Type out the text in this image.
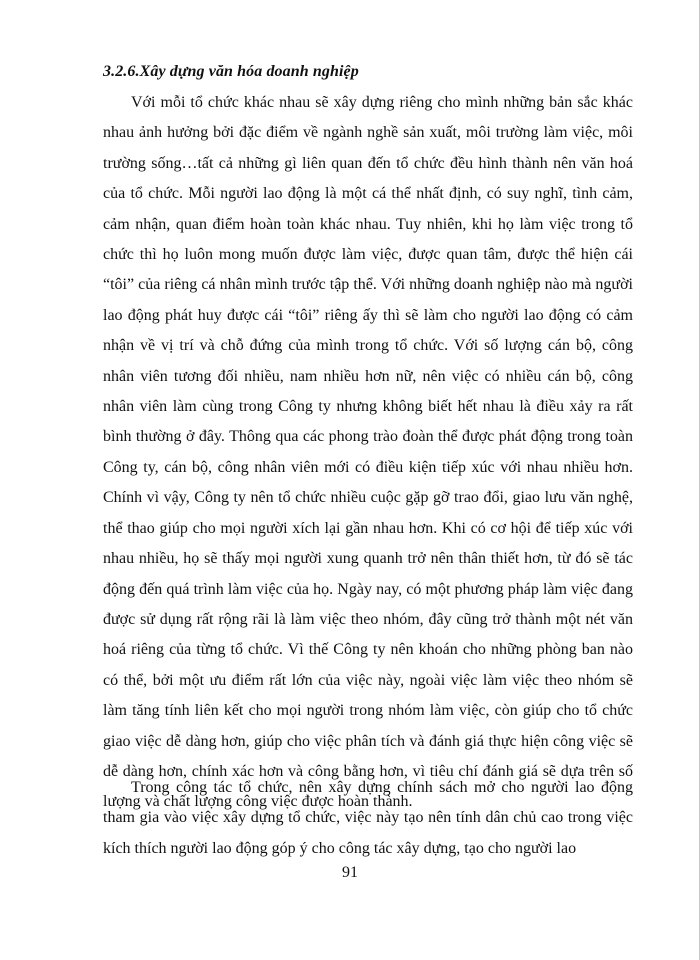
3.2.6.Xây dựng văn hóa doanh nghiệp

Với mỗi tổ chức khác nhau sẽ xây dựng riêng cho mình những bản sắc khác nhau ảnh hưởng bởi đặc điểm về ngành nghề sản xuất, môi trường làm việc, môi trường sống…tất cả những gì liên quan đến tổ chức đều hình thành nên văn hoá của tổ chức. Mỗi người lao động là một cá thể nhất định, có suy nghĩ, tình cảm, cảm nhận, quan điểm hoàn toàn khác nhau. Tuy nhiên, khi họ làm việc trong tổ chức thì họ luôn mong muốn được làm việc, được quan tâm, được thể hiện cái “tôi” của riêng cá nhân mình trước tập thể. Với những doanh nghiệp nào mà người lao động phát huy được cái “tôi” riêng ấy thì sẽ làm cho người lao động có cảm nhận về vị trí và chỗ đứng của mình trong tổ chức. Với số lượng cán bộ, công nhân viên tương đối nhiều, nam nhiều hơn nữ, nên việc có nhiều cán bộ, công nhân viên làm cùng trong Công ty nhưng không biết hết nhau là điều xảy ra rất bình thường ở đây. Thông qua các phong trào đoàn thể được phát động trong toàn Công ty, cán bộ, công nhân viên mới có điều kiện tiếp xúc với nhau nhiều hơn. Chính vì vậy, Công ty nên tổ chức nhiều cuộc gặp gỡ trao đổi, giao lưu văn nghệ, thể thao giúp cho mọi người xích lại gần nhau hơn. Khi có cơ hội để tiếp xúc với nhau nhiều, họ sẽ thấy mọi người xung quanh trở nên thân thiết hơn, từ đó sẽ tác động đến quá trình làm việc của họ. Ngày nay, có một phương pháp làm việc đang được sử dụng rất rộng rãi là làm việc theo nhóm, đây cũng trở thành một nét văn hoá riêng của từng tổ chức. Vì thế Công ty nên khoán cho những phòng ban nào có thể, bởi một ưu điểm rất lớn của việc này, ngoài việc làm việc theo nhóm sẽ làm tăng tính liên kết cho mọi người trong nhóm làm việc, còn giúp cho tổ chức giao việc dễ dàng hơn, giúp cho việc phân tích và đánh giá thực hiện công việc sẽ dễ dàng hơn, chính xác hơn và công bằng hơn, vì tiêu chí đánh giá sẽ dựa trên số lượng và chất lượng công việc được hoàn thành.

Trong công tác tổ chức, nên xây dựng chính sách mở cho người lao động tham gia vào việc xây dựng tổ chức, việc này tạo nên tính dân chủ cao trong việc kích thích người lao động góp ý cho công tác xây dựng, tạo cho người lao

91
